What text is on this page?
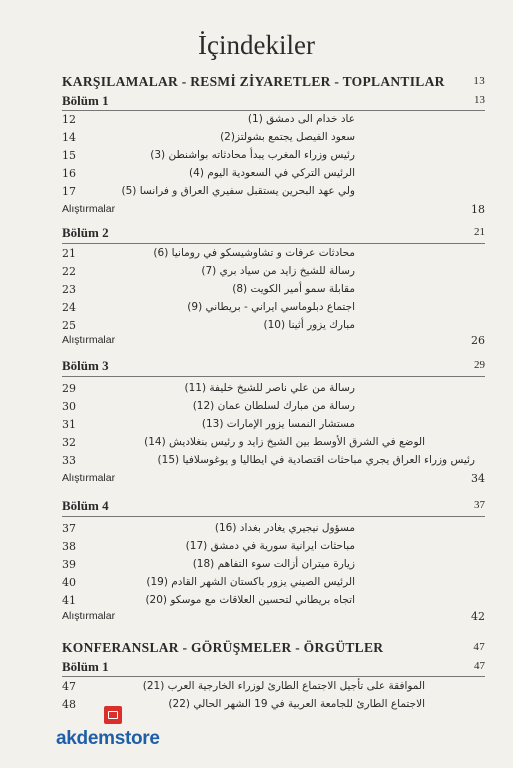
İçindekiler
KARŞILAMALAR - RESMİ ZİYARETLER - TOPLANTILAR	13
Bölüm 1	13
12	عاد خدام الى دمشق (1)
14	سعود الفيصل يجتمع بشولتز(2)
15	رئيس وزراء المغرب يبدأ محادثاته بواشنطن (3)
16	الرئيس التركي في السعودية اليوم (4)
17	ولي عهد البحرين يستقبل سفيري العراق و فرانسا (5)
Alıştırmalar	18
Bölüm 2	21
21	محادثات عرفات و تشاوشيسكو في رومانيا (6)
22	رسالة للشيخ زايد من سياد بري (7)
23	مقابلة سمو أمير الكويت (8)
24	اجتماع دبلوماسي ايراني - بريطاني (9)
25	مبارك يزور أثينا (10)
Alıştırmalar	26
Bölüm 3	29
29	رسالة من علي ناصر للشيخ خليفة (11)
30	رسالة من مبارك لسلطان عمان (12)
31	مستشار النمسا يزور الإمارات (13)
32	الوضع في الشرق الأوسط بين الشيخ زايد و رئيس بنغلاديش (14)
33	رئيس وزراء العراق يجري مباحثات اقتصادية في ايطاليا و يوغوسلافيا (15)
Alıştırmalar	34
Bölüm 4	37
37	مسؤول نيجيري يغادر بغداد (16)
38	مباحثات ايرانية سورية في دمشق (17)
39	زيارة ميتران أزالت سوء التفاهم (18)
40	الرئيس الصيني يزور باكستان الشهر القادم (19)
41	اتجاه بريطاني لتحسين العلاقات مع موسكو (20)
Alıştırmalar	42
KONFERANSLAR - GÖRÜŞMELER - ÖRGÜTLER	47
Bölüm 1	47
47	الموافقة على تأجيل الاجتماع الطارئ لوزراء الخارجية العرب (21)
48	الاجتماع الطارئ للجامعة العربية في 19 الشهر الحالي (22)
akdemstore
